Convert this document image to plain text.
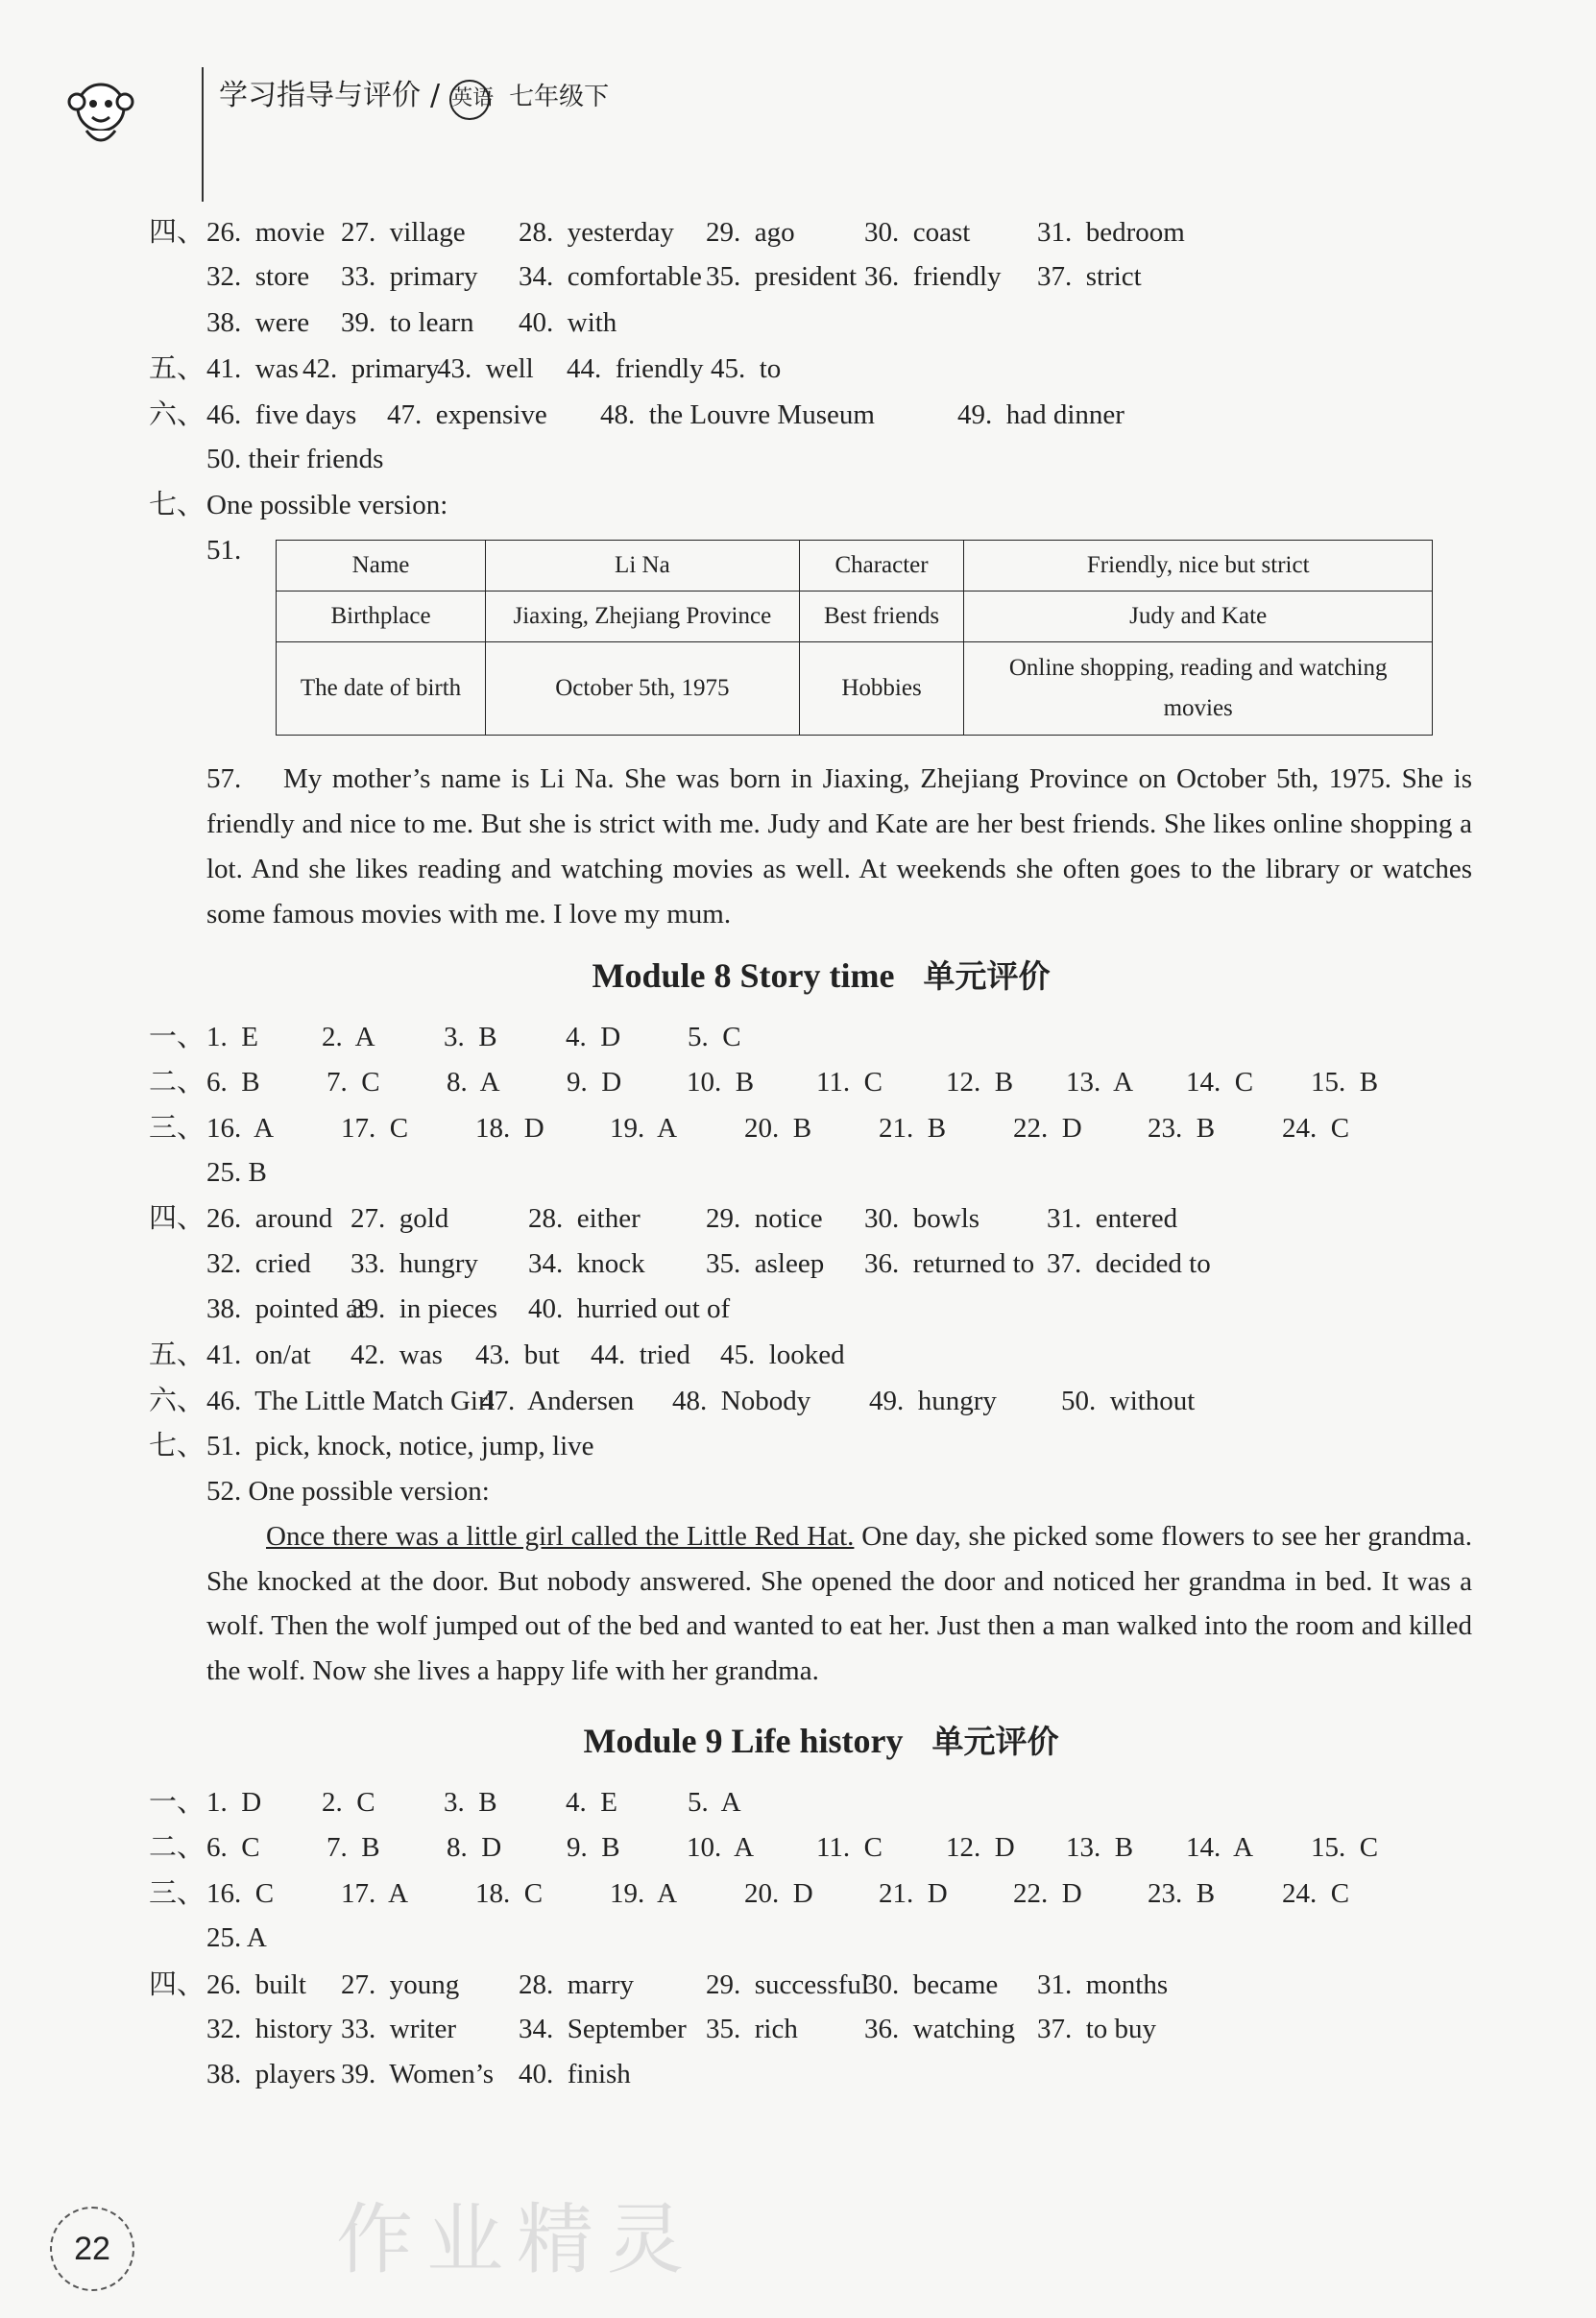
学习指导与评价 / 英语 七年级下
四、26.  movie 27.  village 28.  yesterday 29.  ago 30.  coast 31.  bedroom
32.  store 33.  primary 34.  comfortable 35.  president 36.  friendly 37.  strict
38.  were 39.  to learn 40.  with
五、41.  was 42.  primary43.  well 44.  friendly 45.  to
六、46.  five days 47.  expensive 48.  the Louvre Museum	49.  had dinner
50. their friends
七、One possible version:
51.
57. My mother’s name is Li Na. She was born in Jiaxing, Zhejiang Province on October 5th, 1975. She is friendly and nice to me. But she is strict with me. Judy and Kate are her best friends. She likes online shopping a lot. And she likes reading and watching movies as well. At weekends she often goes to the library or watches some famous movies with me. I love my mum.
Module 8 Story time 单元评价
一、1.  E 2.  A 3.  B 4.  D 5.  C
二、6.  B 7.  C 8.  A 9.  D 10.  B 11.  C 12.  B 13.  A 14.  C 15.  B
三、16.  A 17.  C 18.  D 19.  A 20.  B 21.  B 22.  D 23.  B 24.  C
25. B
四、26.  around 27.  gold	28.  either 29.  notice 30.  bowls 31.  entered
32.  cried 33.  hungry 34.  knock 35.  asleep 36.  returned to 37.  decided to
38.  pointed at39.  in pieces 40.  hurried out of
五、41.  on/at 42.  was 43.  but 44.  tried 45.  looked
六、46.  The Little Match Girl47.  Andersen 48.  Nobody 49.  hungry 50.  without
七、51.  pick, knock, notice, jump, live
52. One possible version:
Once there was a little girl called the Little Red Hat. One day, she picked some flowers to see her grandma. She knocked at the door. But nobody answered. She opened the door and noticed her grandma in bed. It was a wolf. Then the wolf jumped out of the bed and wanted to eat her. Just then a man walked into the room and killed the wolf. Now she lives a happy life with her grandma.
Module 9 Life history 单元评价
一、1.  D 2.  C 3.  B 4.  E	5.  A
二、6.  C 7.  B 8.  D 9.  B 10.  A 11.  C 12.  D 13.  B 14.  A 15.  C
三、16.  C 17.  A 18.  C 19.  A 20.  D 21.  D 22.  D 23.  B 24.  C
25. A
四、26.  built 27.  young 28.  marry	29.  successful30.  became 31.  months
32.  history 33.  writer 34.  September 35.  rich 36.  watching 37.  to buy
38.  players 39.  Women’s 40.  finish
Name	Li Na	Character	Friendly, nice but strict
Birthplace	Jiaxing, Zhejiang Province	Best friends	Judy and Kate
The date of birth	October 5th, 1975	Hobbies	Online shopping, reading and watching movies
22	作业精灵
